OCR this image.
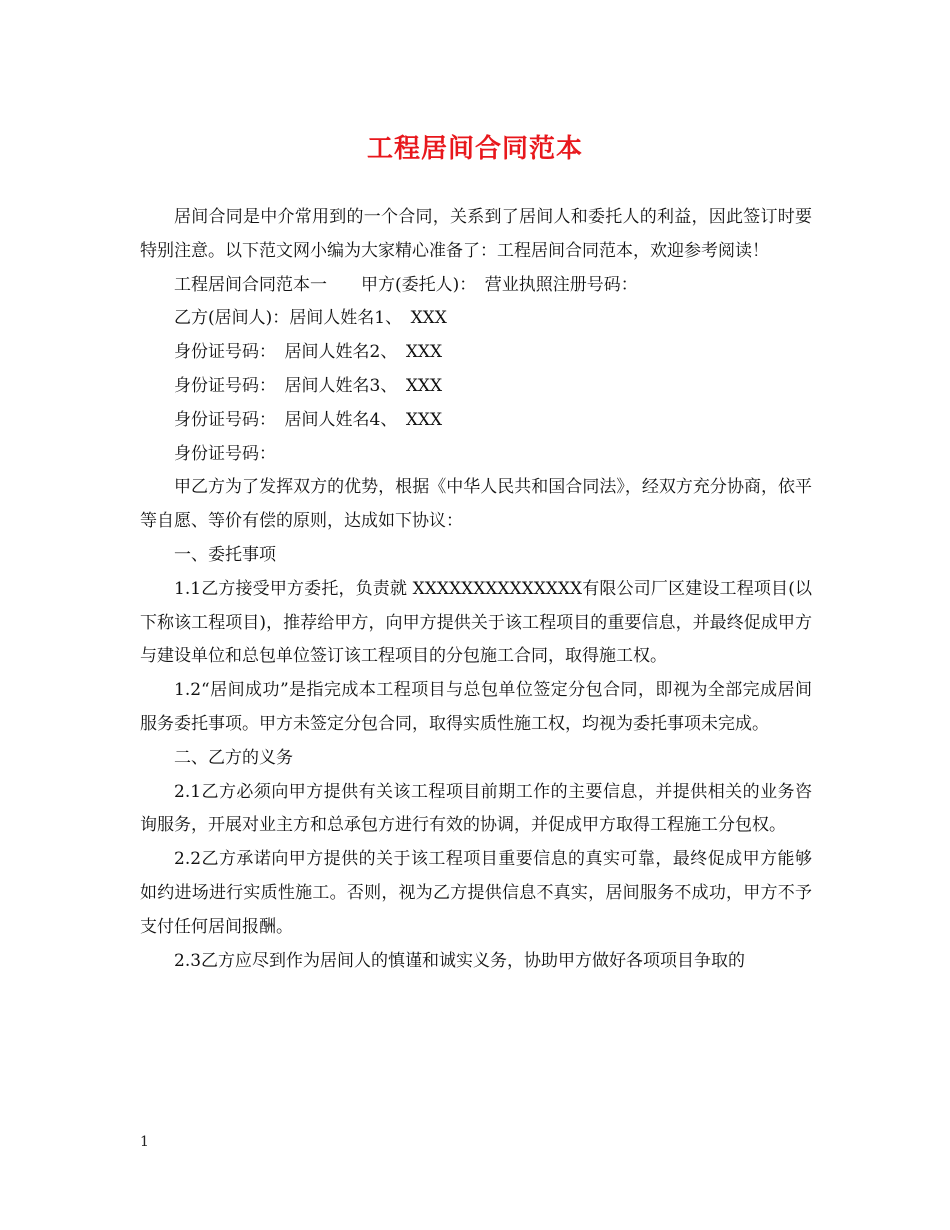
工程居间合同范本

居间合同是中介常用到的一个合同，关系到了居间人和委托人的利益，因此签订时要特别注意。以下范文网小编为大家精心准备了：工程居间合同范本，欢迎参考阅读！

工程居间合同范本一　　甲方(委托人)：　营业执照注册号码：

乙方(居间人)：居间人姓名1、　XXX

身份证号码：　居间人姓名2、　XXX

身份证号码：　居间人姓名3、　XXX

身份证号码：　居间人姓名4、　XXX

身份证号码：

甲乙方为了发挥双方的优势，根据《中华人民共和国合同法》，经双方充分协商，依平等自愿、等价有偿的原则，达成如下协议：

一、委托事项

1.1乙方接受甲方委托，负责就 XXXXXXXXXXXXXX有限公司厂区建设工程项目(以下称该工程项目)，推荐给甲方，向甲方提供关于该工程项目的重要信息，并最终促成甲方与建设单位和总包单位签订该工程项目的分包施工合同，取得施工权。

1.2“居间成功”是指完成本工程项目与总包单位签定分包合同，即视为全部完成居间服务委托事项。甲方未签定分包合同，取得实质性施工权，均视为委托事项未完成。

二、乙方的义务

2.1乙方必须向甲方提供有关该工程项目前期工作的主要信息，并提供相关的业务咨询服务，开展对业主方和总承包方进行有效的协调，并促成甲方取得工程施工分包权。

2.2乙方承诺向甲方提供的关于该工程项目重要信息的真实可靠，最终促成甲方能够如约进场进行实质性施工。否则，视为乙方提供信息不真实，居间服务不成功，甲方不予支付任何居间报酬。

2.3乙方应尽到作为居间人的慎谨和诚实义务，协助甲方做好各项项目争取的

1
